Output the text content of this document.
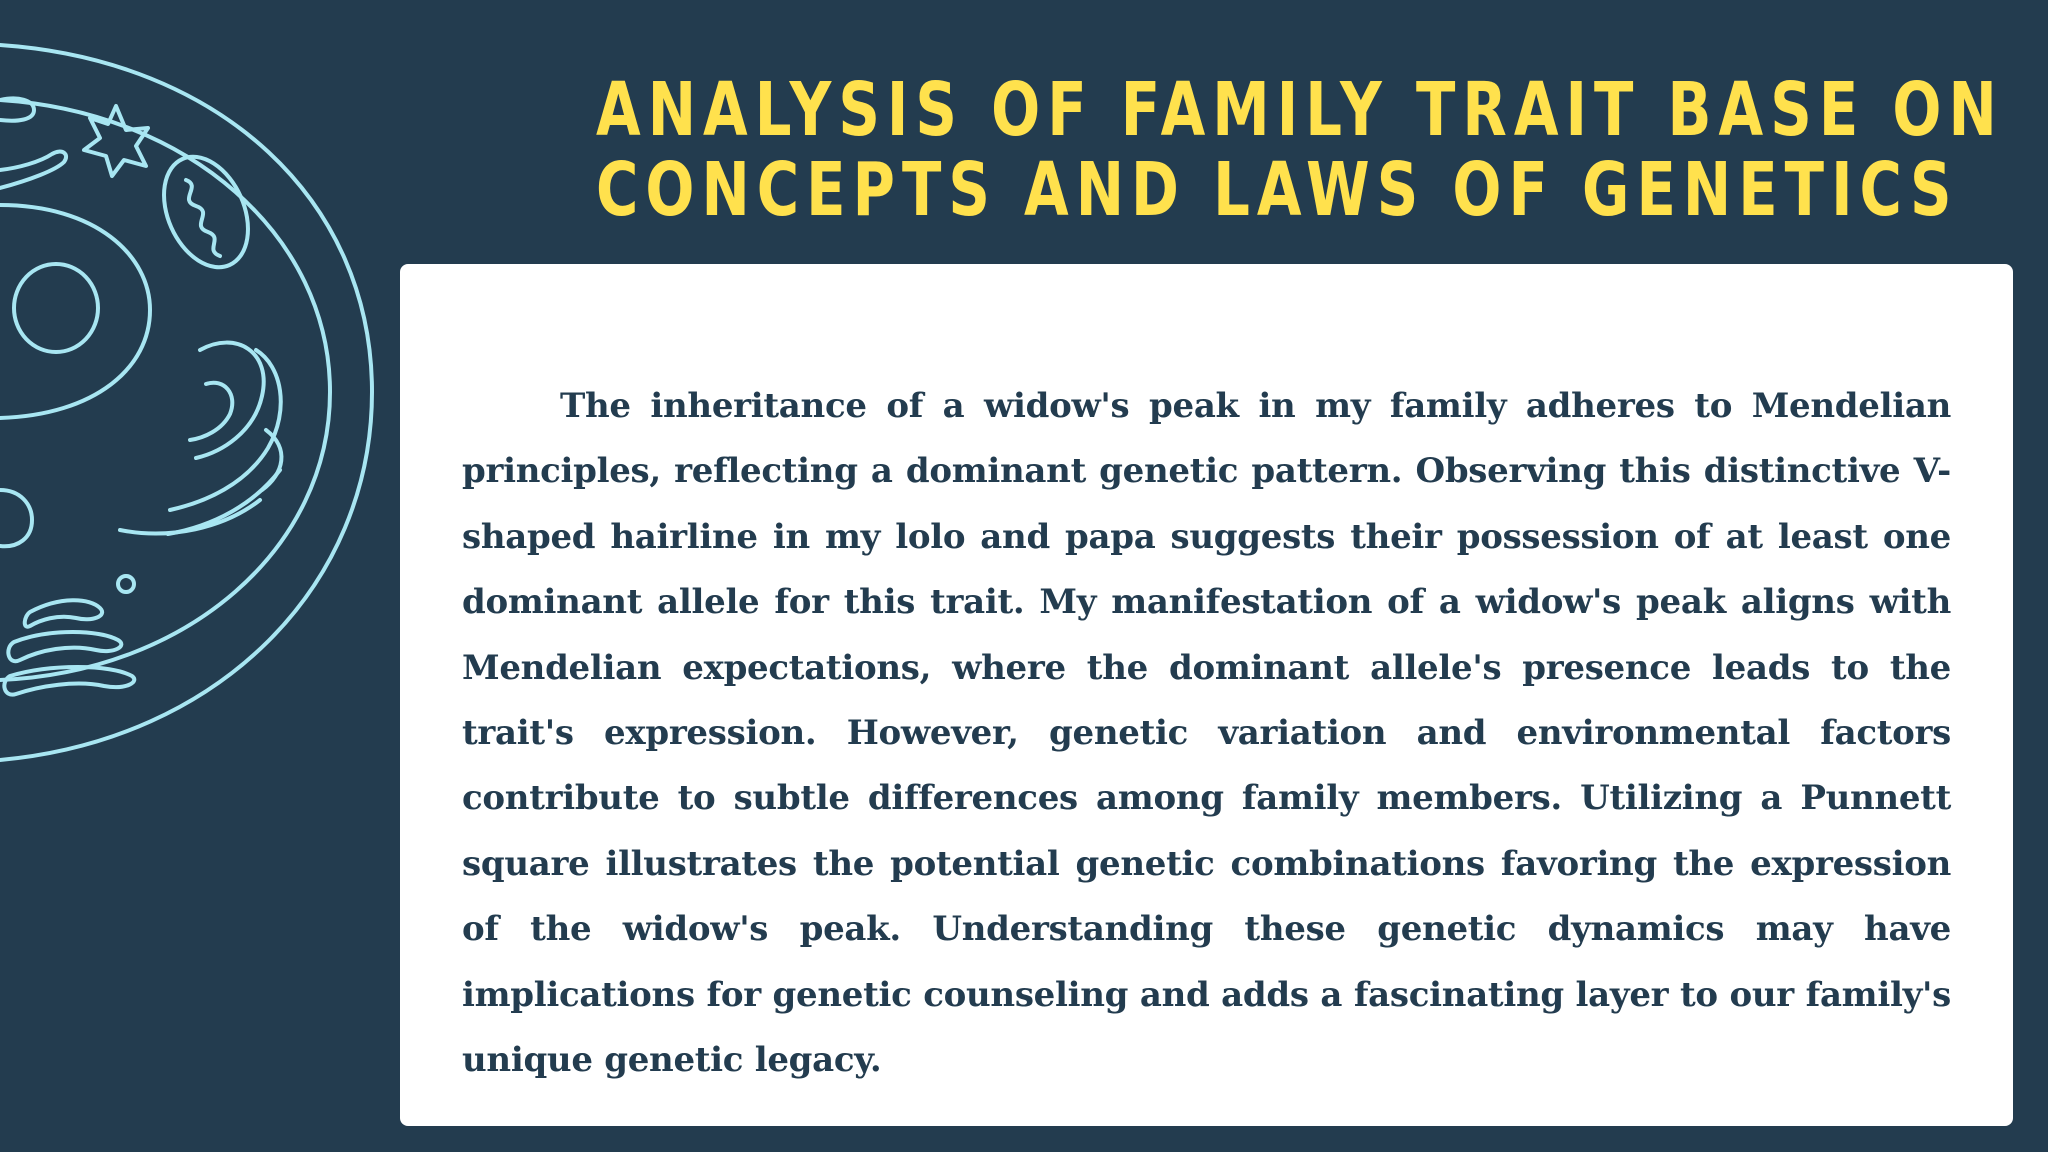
ANALYSIS OF FAMILY TRAIT BASE ON
CONCEPTS AND LAWS OF GENETICS

The inheritance of a widow's peak in my family adheres to Mendelian principles, reflecting a dominant genetic pattern. Observing this distinctive V-shaped hairline in my lolo and papa suggests their possession of at least one dominant allele for this trait. My manifestation of a widow's peak aligns with Mendelian expectations, where the dominant allele's presence leads to the trait's expression. However, genetic variation and environmental factors contribute to subtle differences among family members. Utilizing a Punnett square illustrates the potential genetic combinations favoring the expression of the widow's peak. Understanding these genetic dynamics may have implications for genetic counseling and adds a fascinating layer to our family's unique genetic legacy.
